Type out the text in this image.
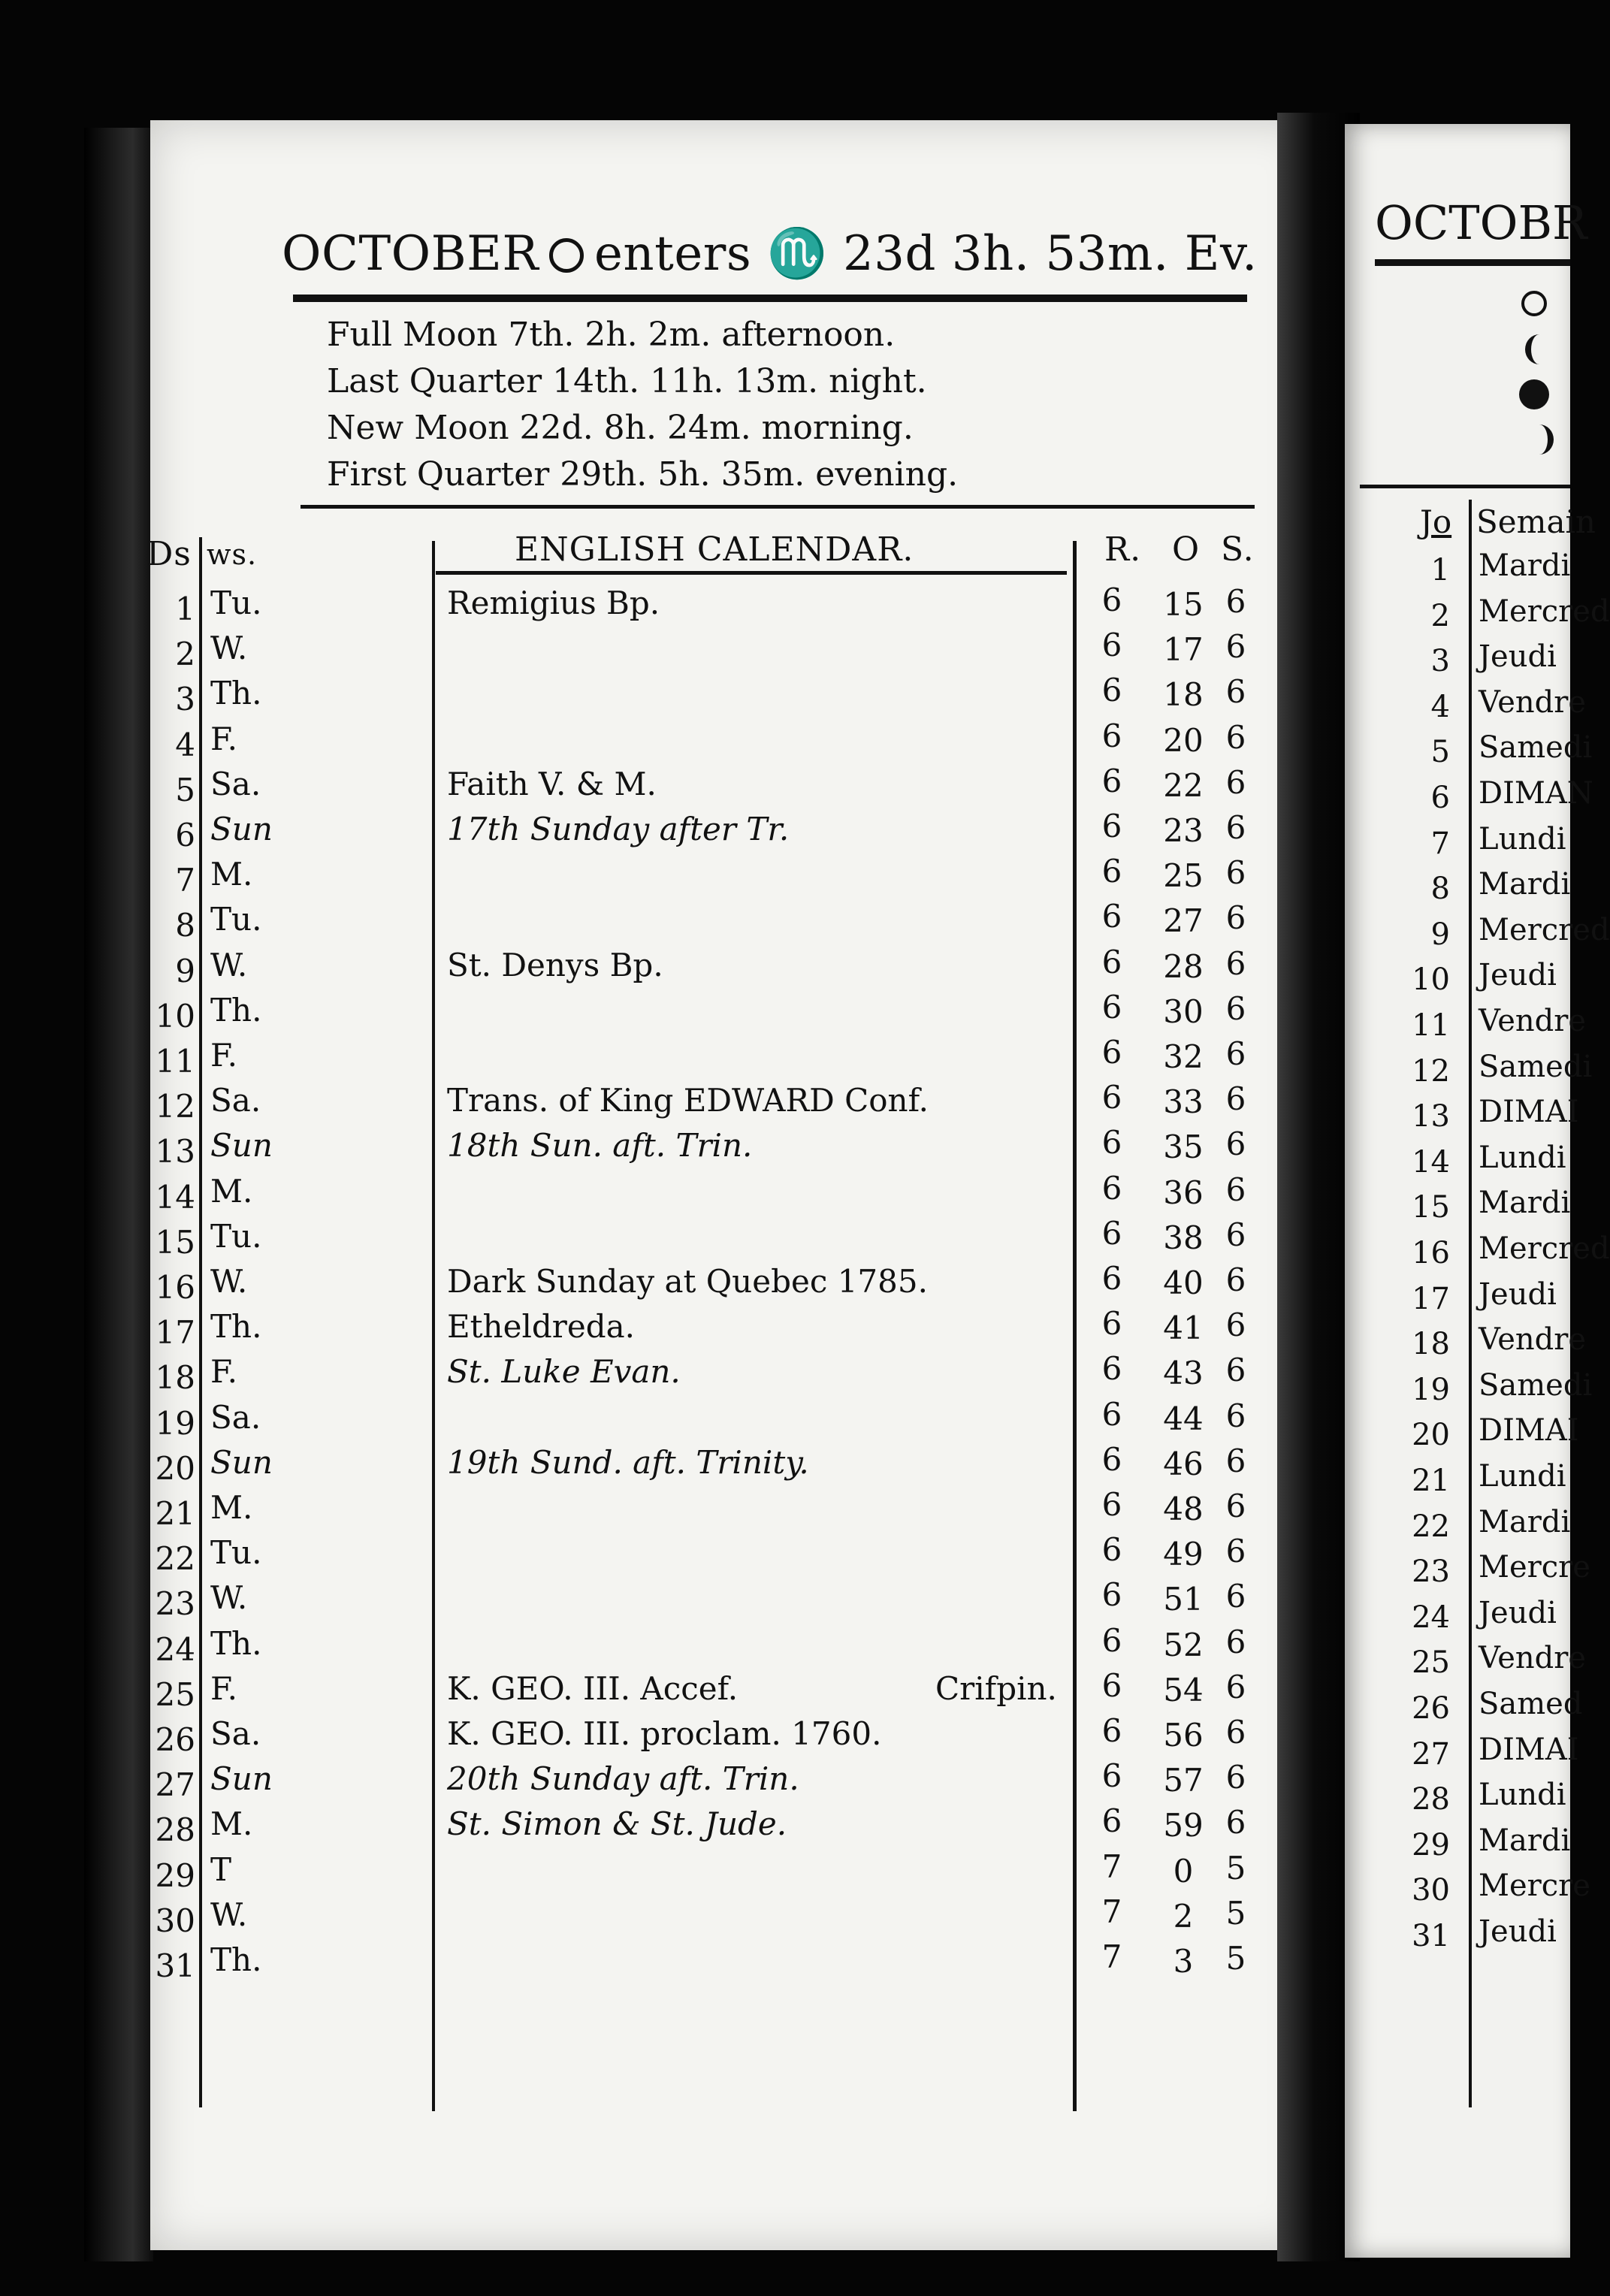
OCTOBER enters ♏ 23d 3h. 53m. Ev.
Full Moon 7th. 2h. 2m. afternoon.
Last Quarter 14th. 11h. 13m. night.
New Moon 22d. 8h. 24m. morning.
First Quarter 29th. 5h. 35m. evening.
Ds ws.	ENGLISH CALENDAR.	R. O S.
1 Tu.	Remigius Bp.	6	15 6
2 W.	6	17 6
3 Th.	6	18 6
4 F.	6	20 6
5 Sa.	Faith V. & M.	6	22 6
6 Sun	17th Sunday after Tr.	6	23 6
7 M.	6	25 6
8 Tu.	6	27 6
9 W.	St. Denys Bp.	6	28 6
10 Th.	6	30 6
11 F.	6	32 6
12 Sa.	Trans. of King EDWARD Conf.	6	33 6
13 Sun	18th Sun. aft. Trin.	6	35 6
14 M.	6	36 6
15 Tu.	6	38 6
16 W.	Dark Sunday at Quebec 1785.	6	40 6
17 Th.	Etheldreda.	6	41 6
18 F.	St. Luke Evan.	6	43 6
19 Sa.	6	44 6
20 Sun	19th Sund. aft. Trinity.	6	46 6
21 M.	6	48 6
22 Tu.	6	49 6
23 W.	6	51 6
24 Th.	6	52 6
25 F.	K. GEO. III. Accef.	Crifpin. 6	54 6
26 Sa.	K. GEO. III. proclam. 1760.	6	56 6
27 Sun	20th Sunday aft. Trin.	6	57 6
28 M.	St. Simon & St. Jude.	6	59 6
29 T	7	0	5
30 W.	7	2	5
31 Th.	7	3	5
OCTOBR
Jo Semain
1 Mardi
2 Mercred
3 Jeudi
4 Vendre
5 Samedi
6 DIMAN
7 Lundi
8 Mardi
9 Mercred
10 Jeudi
11 Vendre
12 Samedi
13 DIMAI
14 Lundi
15 Mardi
16 Mercred
17 Jeudi
18 Vendre
19 Samedi
20 DIMAI
21 Lundi
22 Mardi
23 Mercre
24 Jeudi
25 Vendre
26 Samed
27 DIMAI
28 Lundi
29 Mardi
30 Mercre
31 Jeudi
